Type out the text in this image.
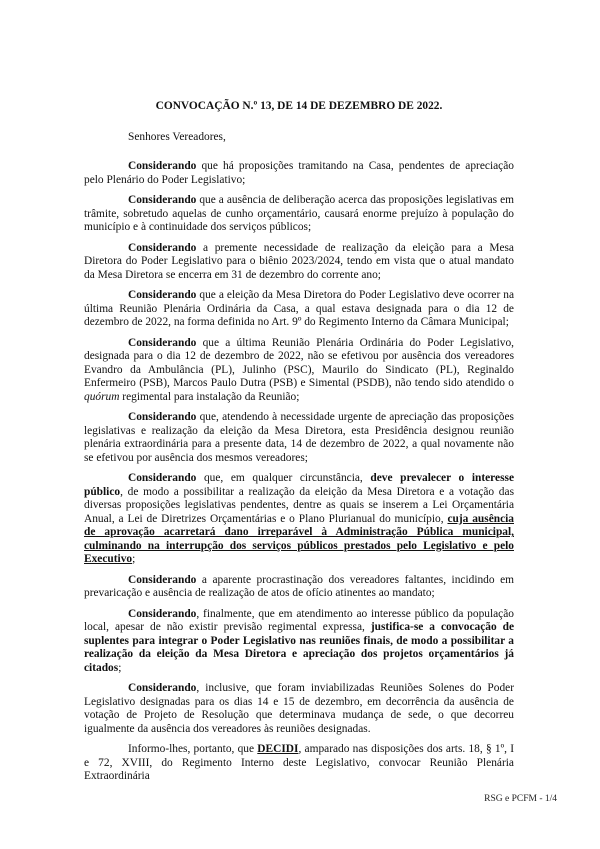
CONVOCAÇÃO N.º 13, DE 14 DE DEZEMBRO DE 2022.

Senhores Vereadores,

Considerando que há proposições tramitando na Casa, pendentes de apreciação pelo Plenário do Poder Legislativo;

Considerando que a ausência de deliberação acerca das proposições legislativas em trâmite, sobretudo aquelas de cunho orçamentário, causará enorme prejuízo à população do município e à continuidade dos serviços públicos;

Considerando a premente necessidade de realização da eleição para a Mesa Diretora do Poder Legislativo para o biênio 2023/2024, tendo em vista que o atual mandato da Mesa Diretora se encerra em 31 de dezembro do corrente ano;

Considerando que a eleição da Mesa Diretora do Poder Legislativo deve ocorrer na última Reunião Plenária Ordinária da Casa, a qual estava designada para o dia 12 de dezembro de 2022, na forma definida no Art. 9º do Regimento Interno da Câmara Municipal;

Considerando que a última Reunião Plenária Ordinária do Poder Legislativo, designada para o dia 12 de dezembro de 2022, não se efetivou por ausência dos vereadores Evandro da Ambulância (PL), Julinho (PSC), Maurilo do Sindicato (PL), Reginaldo Enfermeiro (PSB), Marcos Paulo Dutra (PSB) e Simental (PSDB), não tendo sido atendido o quórum regimental para instalação da Reunião;

Considerando que, atendendo à necessidade urgente de apreciação das proposições legislativas e realização da eleição da Mesa Diretora, esta Presidência designou reunião plenária extraordinária para a presente data, 14 de dezembro de 2022, a qual novamente não se efetivou por ausência dos mesmos vereadores;

Considerando que, em qualquer circunstância, deve prevalecer o interesse público, de modo a possibilitar a realização da eleição da Mesa Diretora e a votação das diversas proposições legislativas pendentes, dentre as quais se inserem a Lei Orçamentária Anual, a Lei de Diretrizes Orçamentárias e o Plano Plurianual do município, cuja ausência de aprovação acarretará dano irreparável à Administração Pública municipal, culminando na interrupção dos serviços públicos prestados pelo Legislativo e pelo Executivo;

Considerando a aparente procrastinação dos vereadores faltantes, incidindo em prevaricação e ausência de realização de atos de ofício atinentes ao mandato;

Considerando, finalmente, que em atendimento ao interesse público da população local, apesar de não existir previsão regimental expressa, justifica-se a convocação de suplentes para integrar o Poder Legislativo nas reuniões finais, de modo a possibilitar a realização da eleição da Mesa Diretora e apreciação dos projetos orçamentários já citados;

Considerando, inclusive, que foram inviabilizadas Reuniões Solenes do Poder Legislativo designadas para os dias 14 e 15 de dezembro, em decorrência da ausência de votação de Projeto de Resolução que determinava mudança de sede, o que decorreu igualmente da ausência dos vereadores às reuniões designadas.

Informo-lhes, portanto, que DECIDI, amparado nas disposições dos arts. 18, § 1º, I e 72, XVIII, do Regimento Interno deste Legislativo, convocar Reunião Plenária Extraordinária

RSG e PCFM - 1/4
